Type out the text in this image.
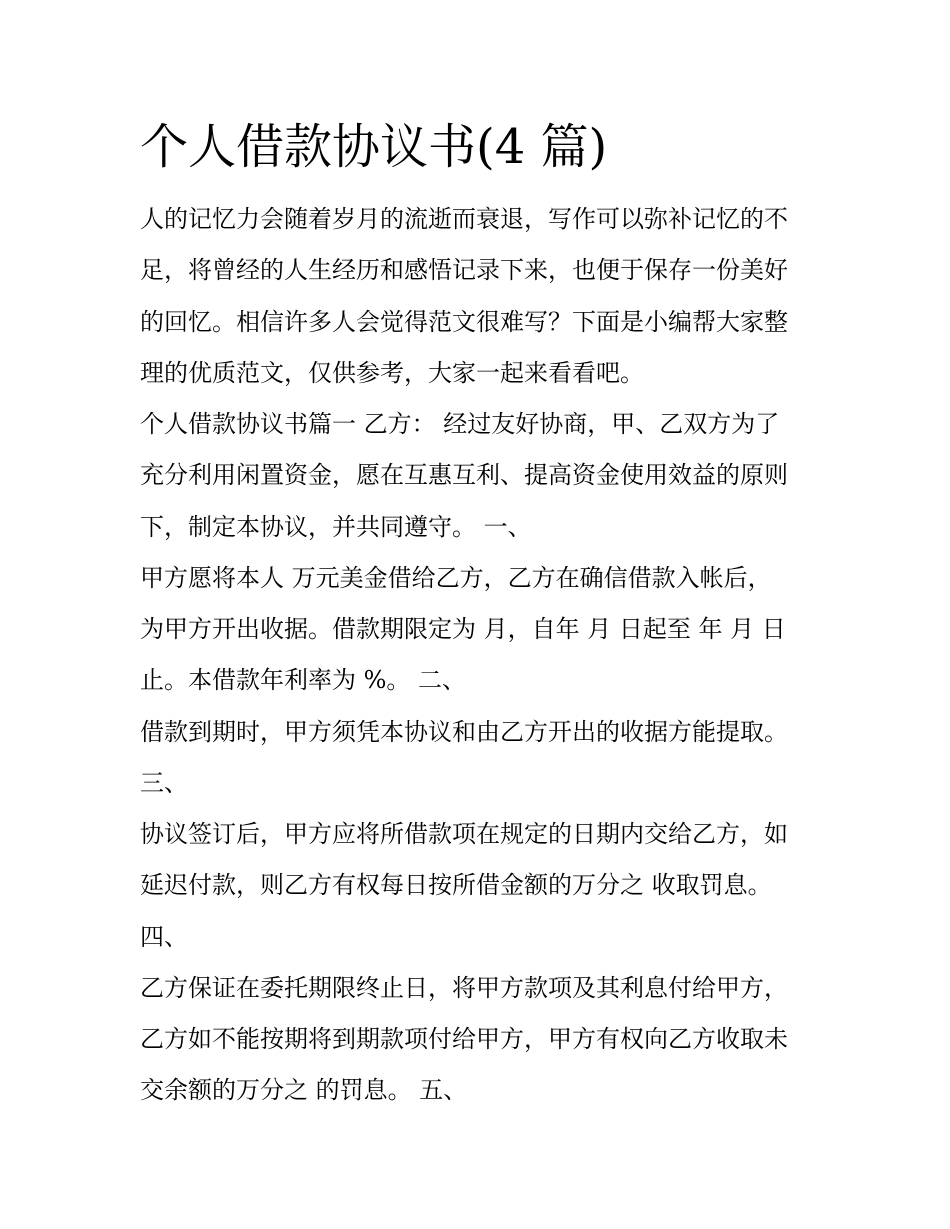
个人借款协议书(4 篇)

人的记忆力会随着岁月的流逝而衰退，写作可以弥补记忆的不

足，将曾经的人生经历和感悟记录下来，也便于保存一份美好

的回忆。相信许多人会觉得范文很难写？下面是小编帮大家整

理的优质范文，仅供参考，大家一起来看看吧。

个人借款协议书篇一 乙方： 经过友好协商，甲、乙双方为了

充分利用闲置资金，愿在互惠互利、提高资金使用效益的原则

下，制定本协议，并共同遵守。 一、

甲方愿将本人 万元美金借给乙方，乙方在确信借款入帐后，

为甲方开出收据。借款期限定为 月，自年 月 日起至 年 月 日

止。本借款年利率为 %。 二、

借款到期时，甲方须凭本协议和由乙方开出的收据方能提取。

三、

协议签订后，甲方应将所借款项在规定的日期内交给乙方，如

延迟付款，则乙方有权每日按所借金额的万分之 收取罚息。

四、

乙方保证在委托期限终止日，将甲方款项及其利息付给甲方，

乙方如不能按期将到期款项付给甲方，甲方有权向乙方收取未

交余额的万分之 的罚息。 五、
